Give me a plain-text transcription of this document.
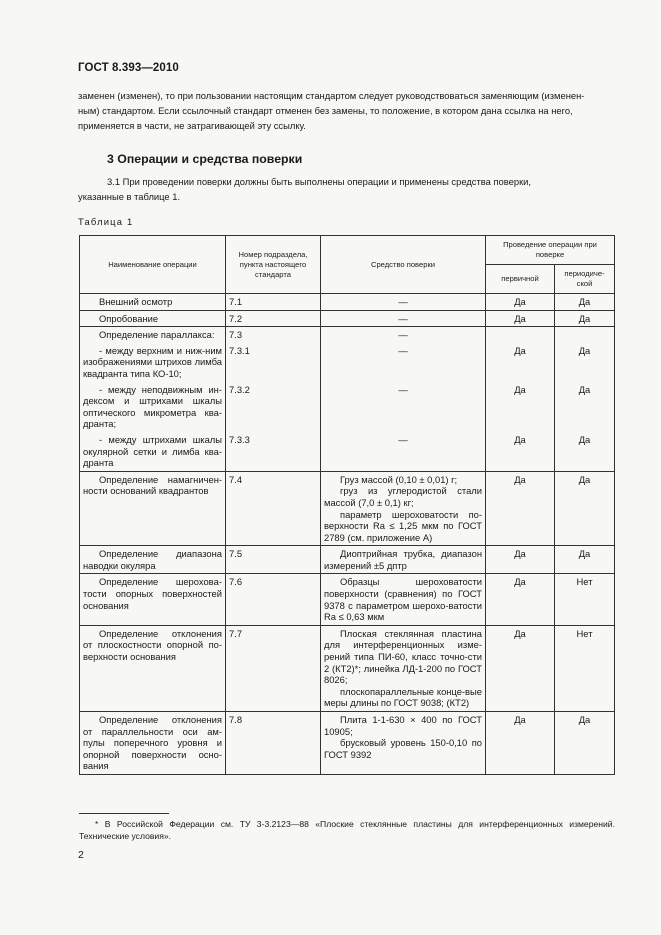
ГОСТ 8.393—2010

заменен (изменен), то при пользовании настоящим стандартом следует руководствоваться заменяющим (изменен-

ным) стандартом. Если ссылочный стандарт отменен без замены, то положение, в котором дана ссылка на него,

применяется в части, не затрагивающей эту ссылку.

3 Операции и средства поверки

3.1 При проведении поверки должны быть выполнены операции и применены средства поверки,

указанные в таблице 1.

Таблица 1
Наименование операции	Номер подраздела, пункта настоящего стандарта	Средство поверки	Проведение операции при поверке	
			первичной	периодиче-ской

Внешний осмотр	7.1	—	Да	Да

Опробование	7.2	—	Да	Да

Определение параллакса:	7.3	—		

- между верхним и ниж-ним изображениями штрихов лимба квадранта типа КО-10;	7.3.1	—	Да	Да

- между неподвижным ин-дексом и штрихами шкалы оптического микрометра ква-дранта;	7.3.2	—	Да	Да

- между штрихами шкалы окулярной сетки и лимба ква-дранта	7.3.3	—	Да	Да

Определение намагничен-ности оснований квадрантов	7.4	Груз массой (0,10 ± 0,01) г;
груз из углеродистой стали массой (7,0 ± 0,1) кг;
параметр шероховатости по-верхности Ra ≤ 1,25 мкм по ГОСТ 2789 (см. приложение А)	Да	Да

Определение диапазона наводки окуляра	7.5	Диоптрийная трубка, диапазон измерений ±5 дптр	Да	Да

Определение шероховa-тости опорных поверхностей основания	7.6	Образцы шероховатости поверхности (сравнения) по ГОСТ 9378 с параметром шерохо-ватости Ra ≤ 0,63 мкм	Да	Нет

Определение отклонения от плоскостности опорной по-верхности основания	7.7	Плоская стеклянная пластина для интерференционных изме-рений типа ПИ-60, класс точно-сти 2 (КТ2)*; линейка ЛД-1-200 по ГОСТ 8026;
плоскопараллельные конце-вые меры длины по ГОСТ 9038; (КТ2)	Да	Нет

Определение отклонения от параллельности оси ам-пулы поперечного уровня и опорной поверхности осно-вания	7.8	Плита 1-1-630 × 400 по ГОСТ 10905;
брусковый уровень 150-0,10 по ГОСТ 9392	Да	Да
* В Российской Федерации см. ТУ 3-3.2123—88 «Плоские стеклянные пластины для интерференционных измерений. Технические условия».
2
